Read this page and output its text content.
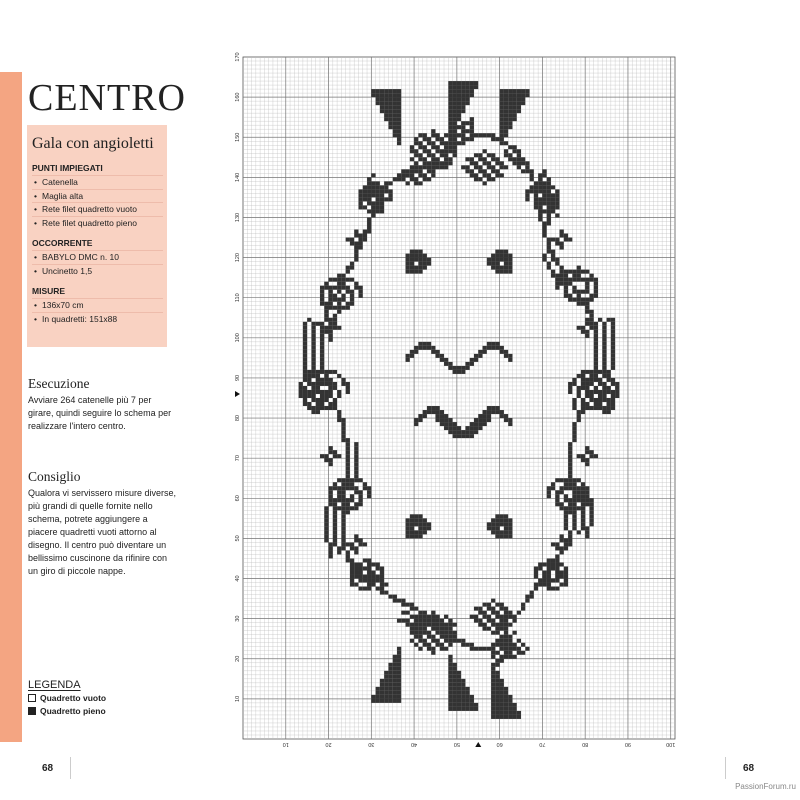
CENTRO
Gala con angioletti
PUNTI IMPIEGATI
• Catenella
• Maglia alta
• Rete filet quadretto vuoto
• Rete filet quadretto pieno
OCCORRENTE
• BABYLO DMC n. 10
• Uncinetto 1,5
MISURE
• 136x70 cm
• In quadretti: 151x88
Esecuzione

Avviare 264 catenelle più 7 per girare, quindi seguire lo schema per realizzare l'intero centro.

Consiglio

Qualora vi servissero misure diverse, più grandi di quelle fornite nello schema, potrete aggiungere a piacere quadretti vuoti attorno al disegno. Il centro può diventare un bellissimo cuscinone da rifinire con un giro di piccole nappe.

LEGENDA
Quadretto vuoto
Quadretto pieno
10	20	30	40	50	60	70	80	90	100
10
20
30
40
50
60
70
80
90
100
110
120
130
140
150
160
170
68	68
PassionForum.ru
